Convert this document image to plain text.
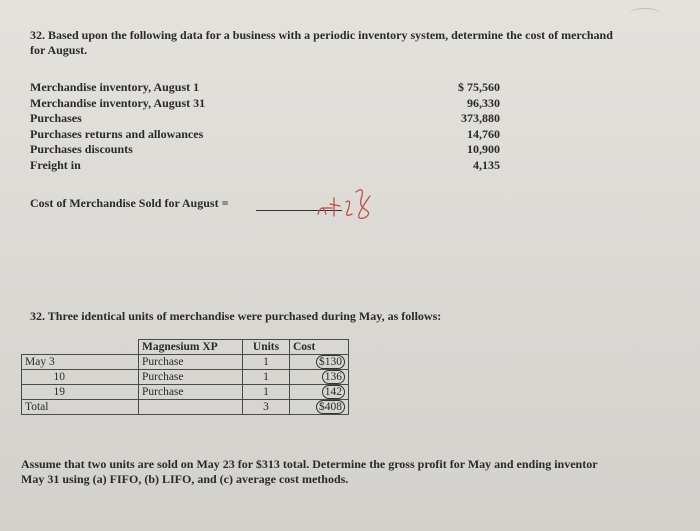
32. Based upon the following data for a business with a periodic inventory system, determine the cost of merchand
for August.
Merchandise inventory, August 1	$ 75,560
Merchandise inventory, August 31	96,330
Purchases	373,880
Purchases returns and allowances	14,760
Purchases discounts	10,900
Freight in	4,135
Cost of Merchandise Sold for August =
32. Three identical units of merchandise were purchased during May, as follows:
	Magnesium XP	Units	Cost
May 3	Purchase	1	$130
10	Purchase	1	136
19	Purchase	1	142
Total		3	$408
Assume that two units are sold on May 23 for $313 total. Determine the gross profit for May and ending inventor
May 31 using (a) FIFO, (b) LIFO, and (c) average cost methods.
